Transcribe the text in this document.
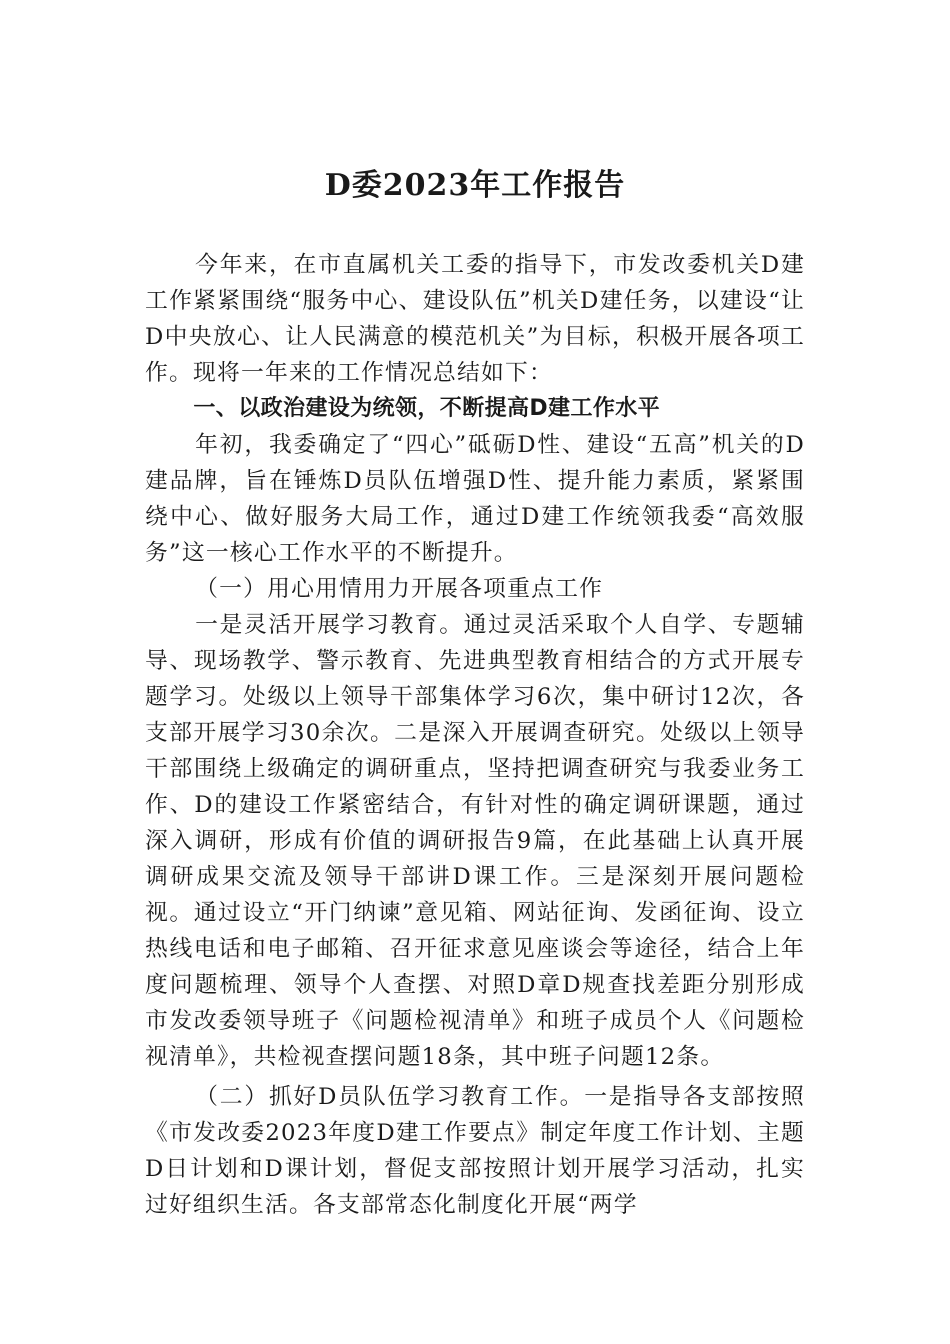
D委2023年工作报告

今年来，在市直属机关工委的指导下，市发改委机关D建工作紧紧围绕“服务中心、建设队伍”机关D建任务，以建设“让D中央放心、让人民满意的模范机关”为目标，积极开展各项工作。现将一年来的工作情况总结如下：

一、以政治建设为统领，不断提高D建工作水平

年初，我委确定了“四心”砥砺D性、建设“五高”机关的D建品牌，旨在锤炼D员队伍增强D性、提升能力素质，紧紧围绕中心、做好服务大局工作，通过D建工作统领我委“高效服务”这一核心工作水平的不断提升。

（一）用心用情用力开展各项重点工作

一是灵活开展学习教育。通过灵活采取个人自学、专题辅导、现场教学、警示教育、先进典型教育相结合的方式开展专题学习。处级以上领导干部集体学习6次，集中研讨12次，各支部开展学习30余次。二是深入开展调查研究。处级以上领导干部围绕上级确定的调研重点，坚持把调查研究与我委业务工作、D的建设工作紧密结合，有针对性的确定调研课题，通过深入调研，形成有价值的调研报告9篇，在此基础上认真开展调研成果交流及领导干部讲D课工作。三是深刻开展问题检视。通过设立“开门纳谏”意见箱、网站征询、发函征询、设立热线电话和电子邮箱、召开征求意见座谈会等途径，结合上年度问题梳理、领导个人查摆、对照D章D规查找差距分别形成市发改委领导班子《问题检视清单》和班子成员个人《问题检视清单》，共检视查摆问题18条，其中班子问题12条。

（二）抓好D员队伍学习教育工作。一是指导各支部按照《市发改委2023年度D建工作要点》制定年度工作计划、主题D日计划和D课计划，督促支部按照计划开展学习活动，扎实过好组织生活。各支部常态化制度化开展“两学
